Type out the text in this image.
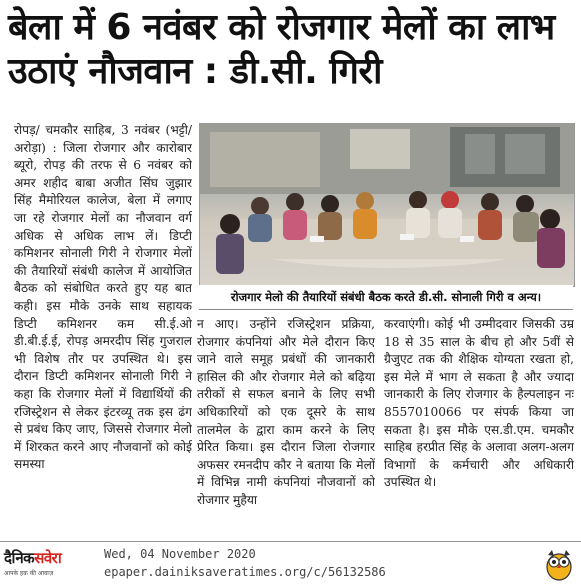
बेला में 6 नवंबर को रोजगार मेलों का लाभ उठाएं नौजवान : डी.सी. गिरी

रोपड़/ चमकौर साहिब, 3 नवंबर (भट्टी/अरोड़ा) : जिला रोजगार और कारोबार ब्यूरो, रोपड़ की तरफ से 6 नवंबर को अमर शहीद बाबा अजीत सिंघ जुझार सिंह मैमोरियल कालेज, बेला में लगाए जा रहे रोजगार मेलों का नौजवान वर्ग अधिक से अधिक लाभ लें। डिप्टी कमिशनर सोनाली गिरी ने रोजगार मेलों की तैयारियों संबंधी कालेज में आयोजित बैठक को संबोधित करते हुए यह बात कही। इस मौके उनके साथ सहायक डिप्टी कमिशनर कम सी.ई.ओ डी.बी.ई.ई, रोपड़ अमरदीप सिंह गुजराल भी विशेष तौर पर उपस्थित थे। इस दौरान डिप्टी कमिशनर सोनाली गिरी ने कहा कि रोजगार मेलों में विद्यार्थियों की रजिस्ट्रेशन से लेकर इंटरव्यू तक इस ढंग से प्रबंध किए जाए, जिससे रोजगार मेलो में शिरकत करने आए नौजवानों को कोई समस्या

रोजगार मेलो की तैयारियों संबंधी बैठक करते डी.सी. सोनाली गिरी व अन्य।

न आए। उन्होंने रजिस्ट्रेशन प्रक्रिया, रोजगार कंपनियां और मेले दौरान किए जाने वाले समूह प्रबंधों की जानकारी हासिल की और रोजगार मेले को बढ़िया तरीकों से सफल बनाने के लिए सभी अधिकारियों को एक दूसरे के साथ तालमेल के द्वारा काम करने के लिए प्रेरित किया। इस दौरान जिला रोजगार अफसर रमनदीप कौर ने बताया कि मेलों में विभिन्न नामी कंपनियां नौजवानों को रोजगार मुहैया

करवाएंगी। कोई भी उम्मीदवार जिसकी उम्र 18 से 35 साल के बीच हो और 5वीं से ग्रैजुएट तक की शैक्षिक योग्यता रखता हो, इस मेले में भाग ले सकता है और ज्यादा जानकारी के लिए रोजगार के हैल्पलाइन नः 8557010066 पर संपर्क किया जा सकता है। इस मौके एस.डी.एम. चमकौर साहिब हरप्रीत सिंह के अलावा अलग-अलग विभागों के कर्मचारी और अधिकारी उपस्थित थे।

दैनिकसवेरा
आपके हक़ की आवाज़
Wed, 04 November 2020
epaper.dainiksaveratimes.org/c/56132586
